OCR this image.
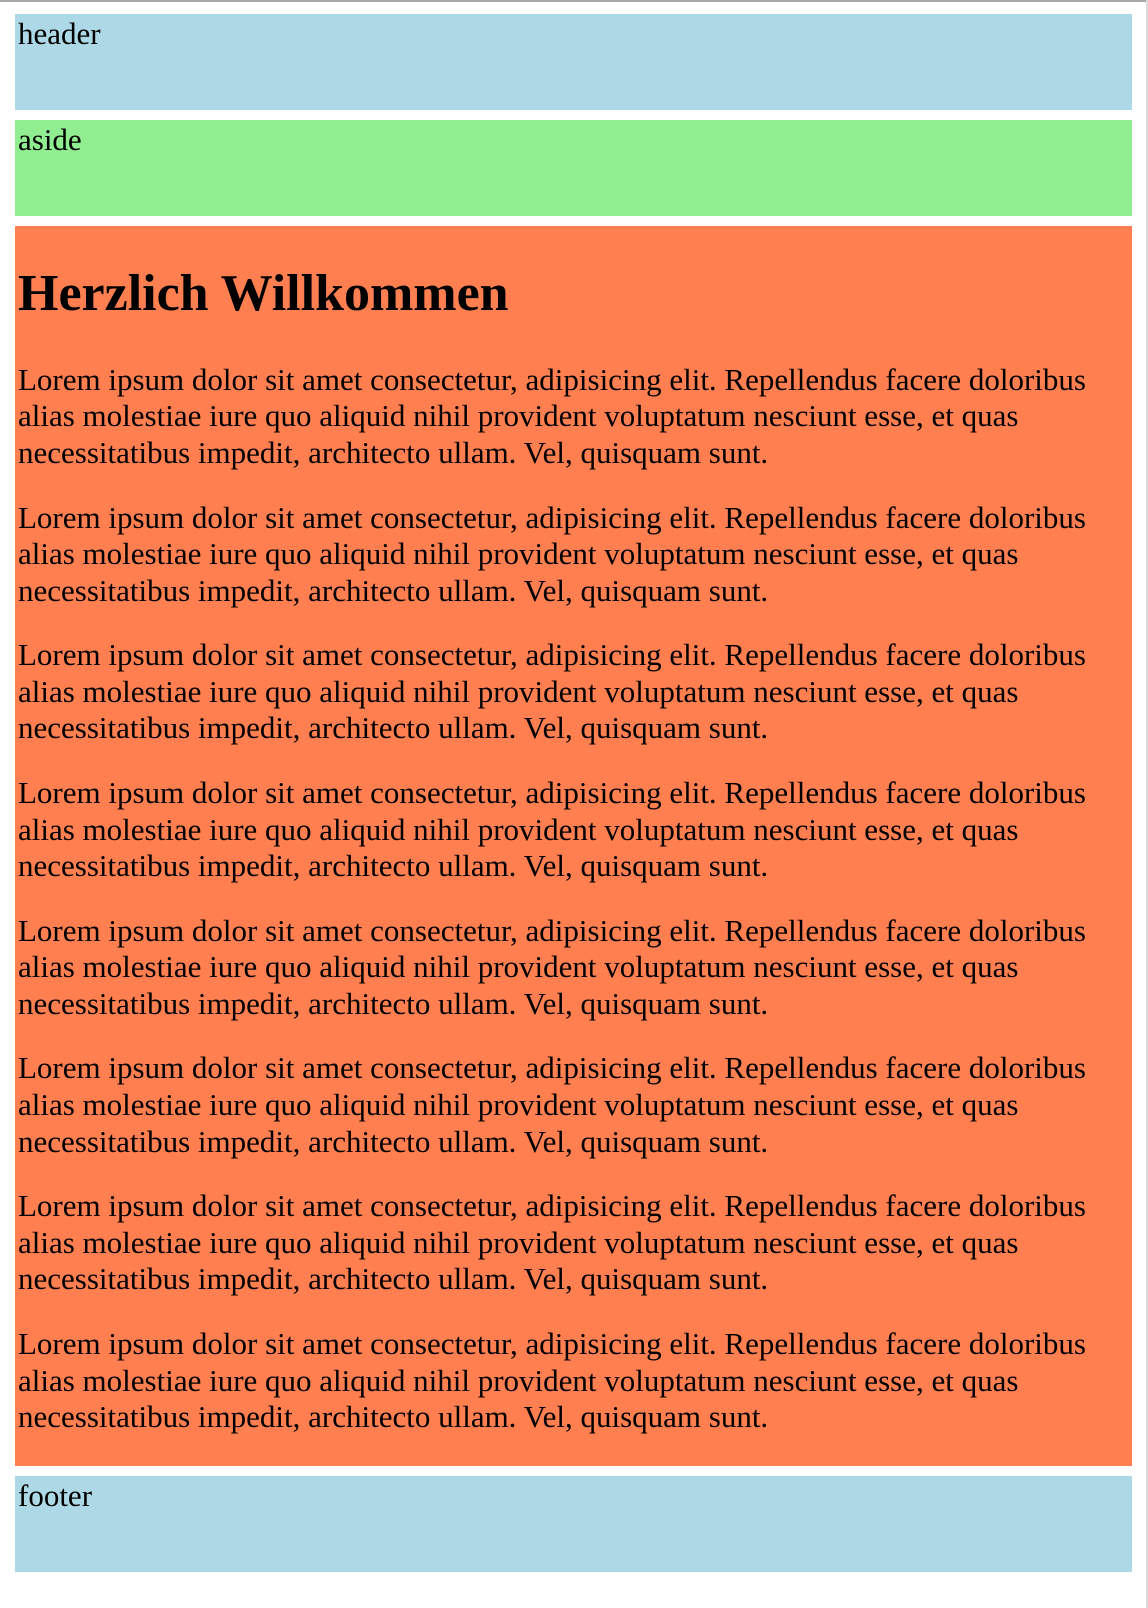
header
aside
Herzlich Willkommen

Lorem ipsum dolor sit amet consectetur, adipisicing elit. Repellendus facere doloribus alias molestiae iure quo aliquid nihil provident voluptatum nesciunt esse, et quas necessitatibus impedit, architecto ullam. Vel, quisquam sunt.

Lorem ipsum dolor sit amet consectetur, adipisicing elit. Repellendus facere doloribus alias molestiae iure quo aliquid nihil provident voluptatum nesciunt esse, et quas necessitatibus impedit, architecto ullam. Vel, quisquam sunt.

Lorem ipsum dolor sit amet consectetur, adipisicing elit. Repellendus facere doloribus alias molestiae iure quo aliquid nihil provident voluptatum nesciunt esse, et quas necessitatibus impedit, architecto ullam. Vel, quisquam sunt.

Lorem ipsum dolor sit amet consectetur, adipisicing elit. Repellendus facere doloribus alias molestiae iure quo aliquid nihil provident voluptatum nesciunt esse, et quas necessitatibus impedit, architecto ullam. Vel, quisquam sunt.

Lorem ipsum dolor sit amet consectetur, adipisicing elit. Repellendus facere doloribus alias molestiae iure quo aliquid nihil provident voluptatum nesciunt esse, et quas necessitatibus impedit, architecto ullam. Vel, quisquam sunt.

Lorem ipsum dolor sit amet consectetur, adipisicing elit. Repellendus facere doloribus alias molestiae iure quo aliquid nihil provident voluptatum nesciunt esse, et quas necessitatibus impedit, architecto ullam. Vel, quisquam sunt.

Lorem ipsum dolor sit amet consectetur, adipisicing elit. Repellendus facere doloribus alias molestiae iure quo aliquid nihil provident voluptatum nesciunt esse, et quas necessitatibus impedit, architecto ullam. Vel, quisquam sunt.

Lorem ipsum dolor sit amet consectetur, adipisicing elit. Repellendus facere doloribus alias molestiae iure quo aliquid nihil provident voluptatum nesciunt esse, et quas necessitatibus impedit, architecto ullam. Vel, quisquam sunt.

footer
